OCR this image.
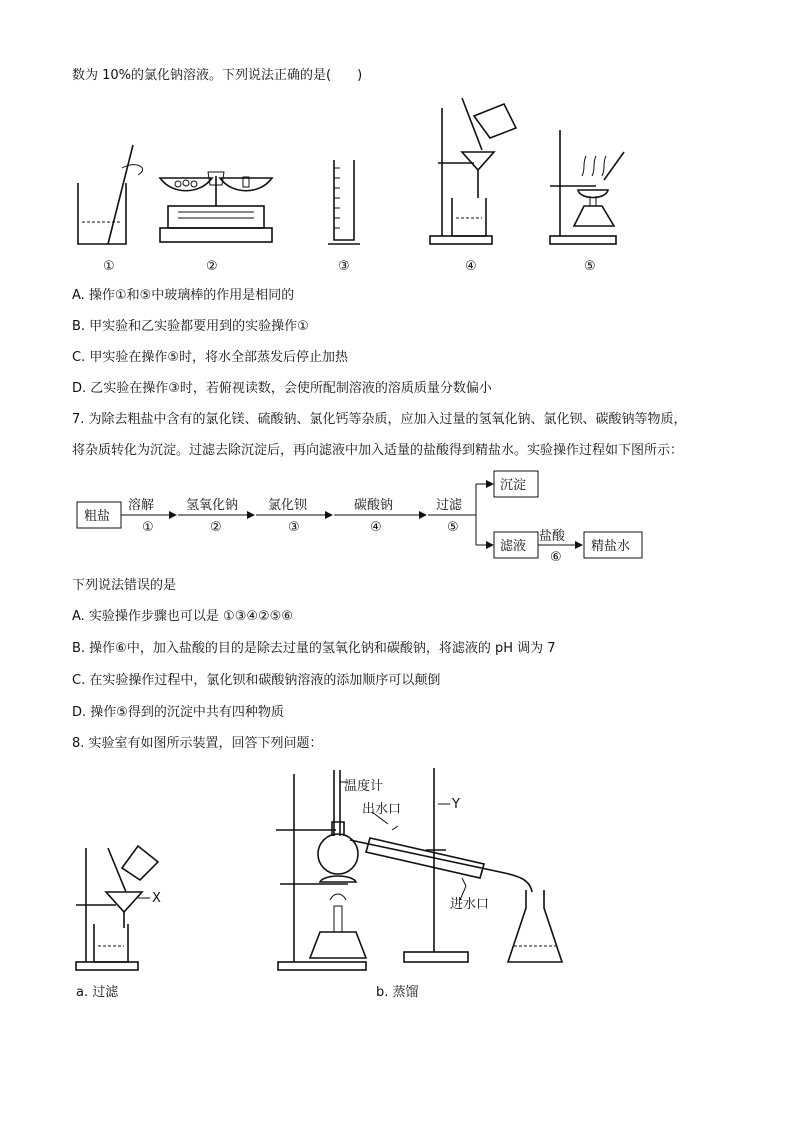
数为 10%的氯化钠溶液。下列说法正确的是(　　)
①	②	③	④	⑤
A. 操作①和⑤中玻璃棒的作用是相同的
B. 甲实验和乙实验都要用到的实验操作①
C. 甲实验在操作⑤时，将水全部蒸发后停止加热
D. 乙实验在操作③时，若俯视读数，会使所配制溶液的溶质质量分数偏小
7. 为除去粗盐中含有的氯化镁、硫酸钠、氯化钙等杂质，应加入过量的氢氧化钠、氯化钡、碳酸钠等物质，
将杂质转化为沉淀。过滤去除沉淀后，再向滤液中加入适量的盐酸得到精盐水。实验操作过程如下图所示：
粗盐
溶解
①
氢氧化钠
②
氯化钡
③
碳酸钠
④
过滤
⑤
沉淀
滤液
盐酸
⑥
精盐水
下列说法错误的是
A. 实验操作步骤也可以是 ①③④②⑤⑥
B. 操作⑥中，加入盐酸的目的是除去过量的氢氧化钠和碳酸钠，将滤液的 pH 调为 7
C. 在实验操作过程中，氯化钡和碳酸钠溶液的添加顺序可以颠倒
D. 操作⑤得到的沉淀中共有四种物质
8. 实验室有如图所示装置，回答下列问题：
X
温度计
出水口
进水口
Y
a. 过滤	b. 蒸馏
